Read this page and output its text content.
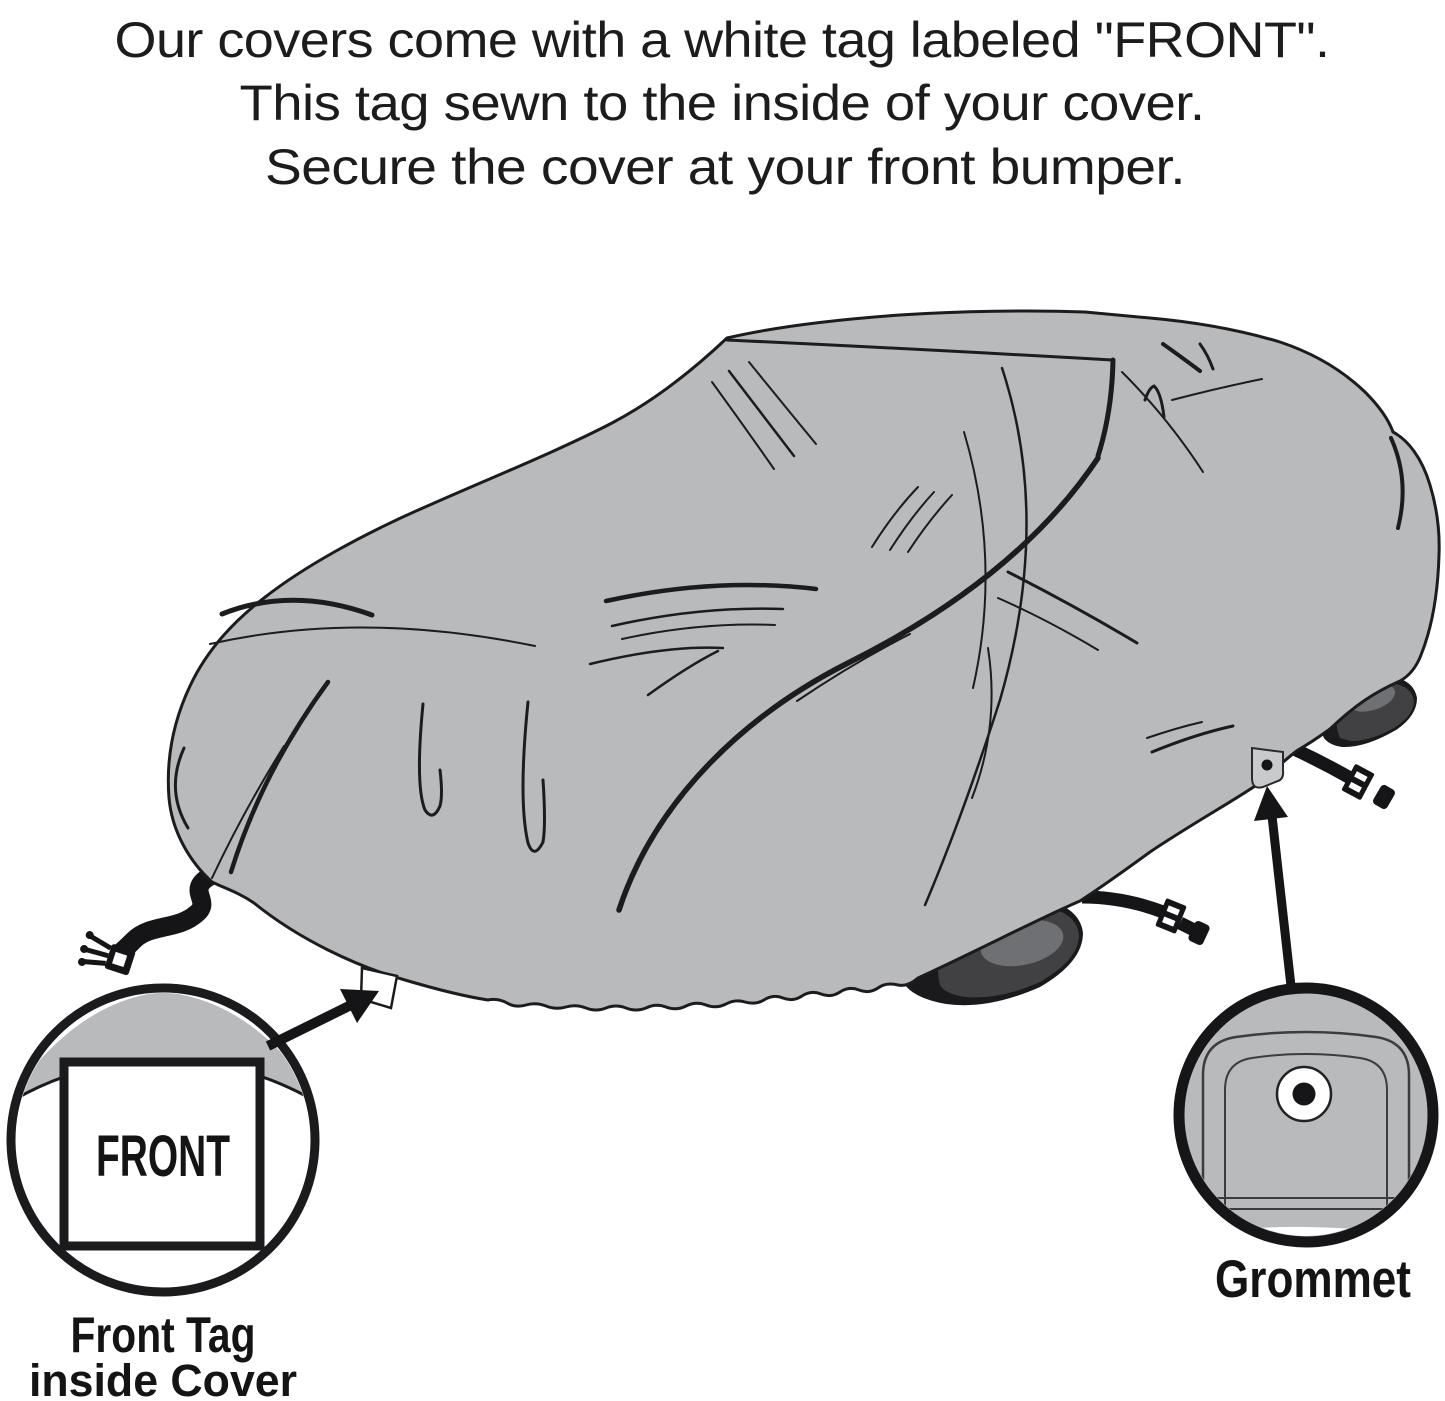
Our covers come with a white tag labeled "FRONT".
This tag sewn to the inside of your cover.
Secure the cover at your front bumper.
FRONT
Front Tag
inside Cover
Grommet
